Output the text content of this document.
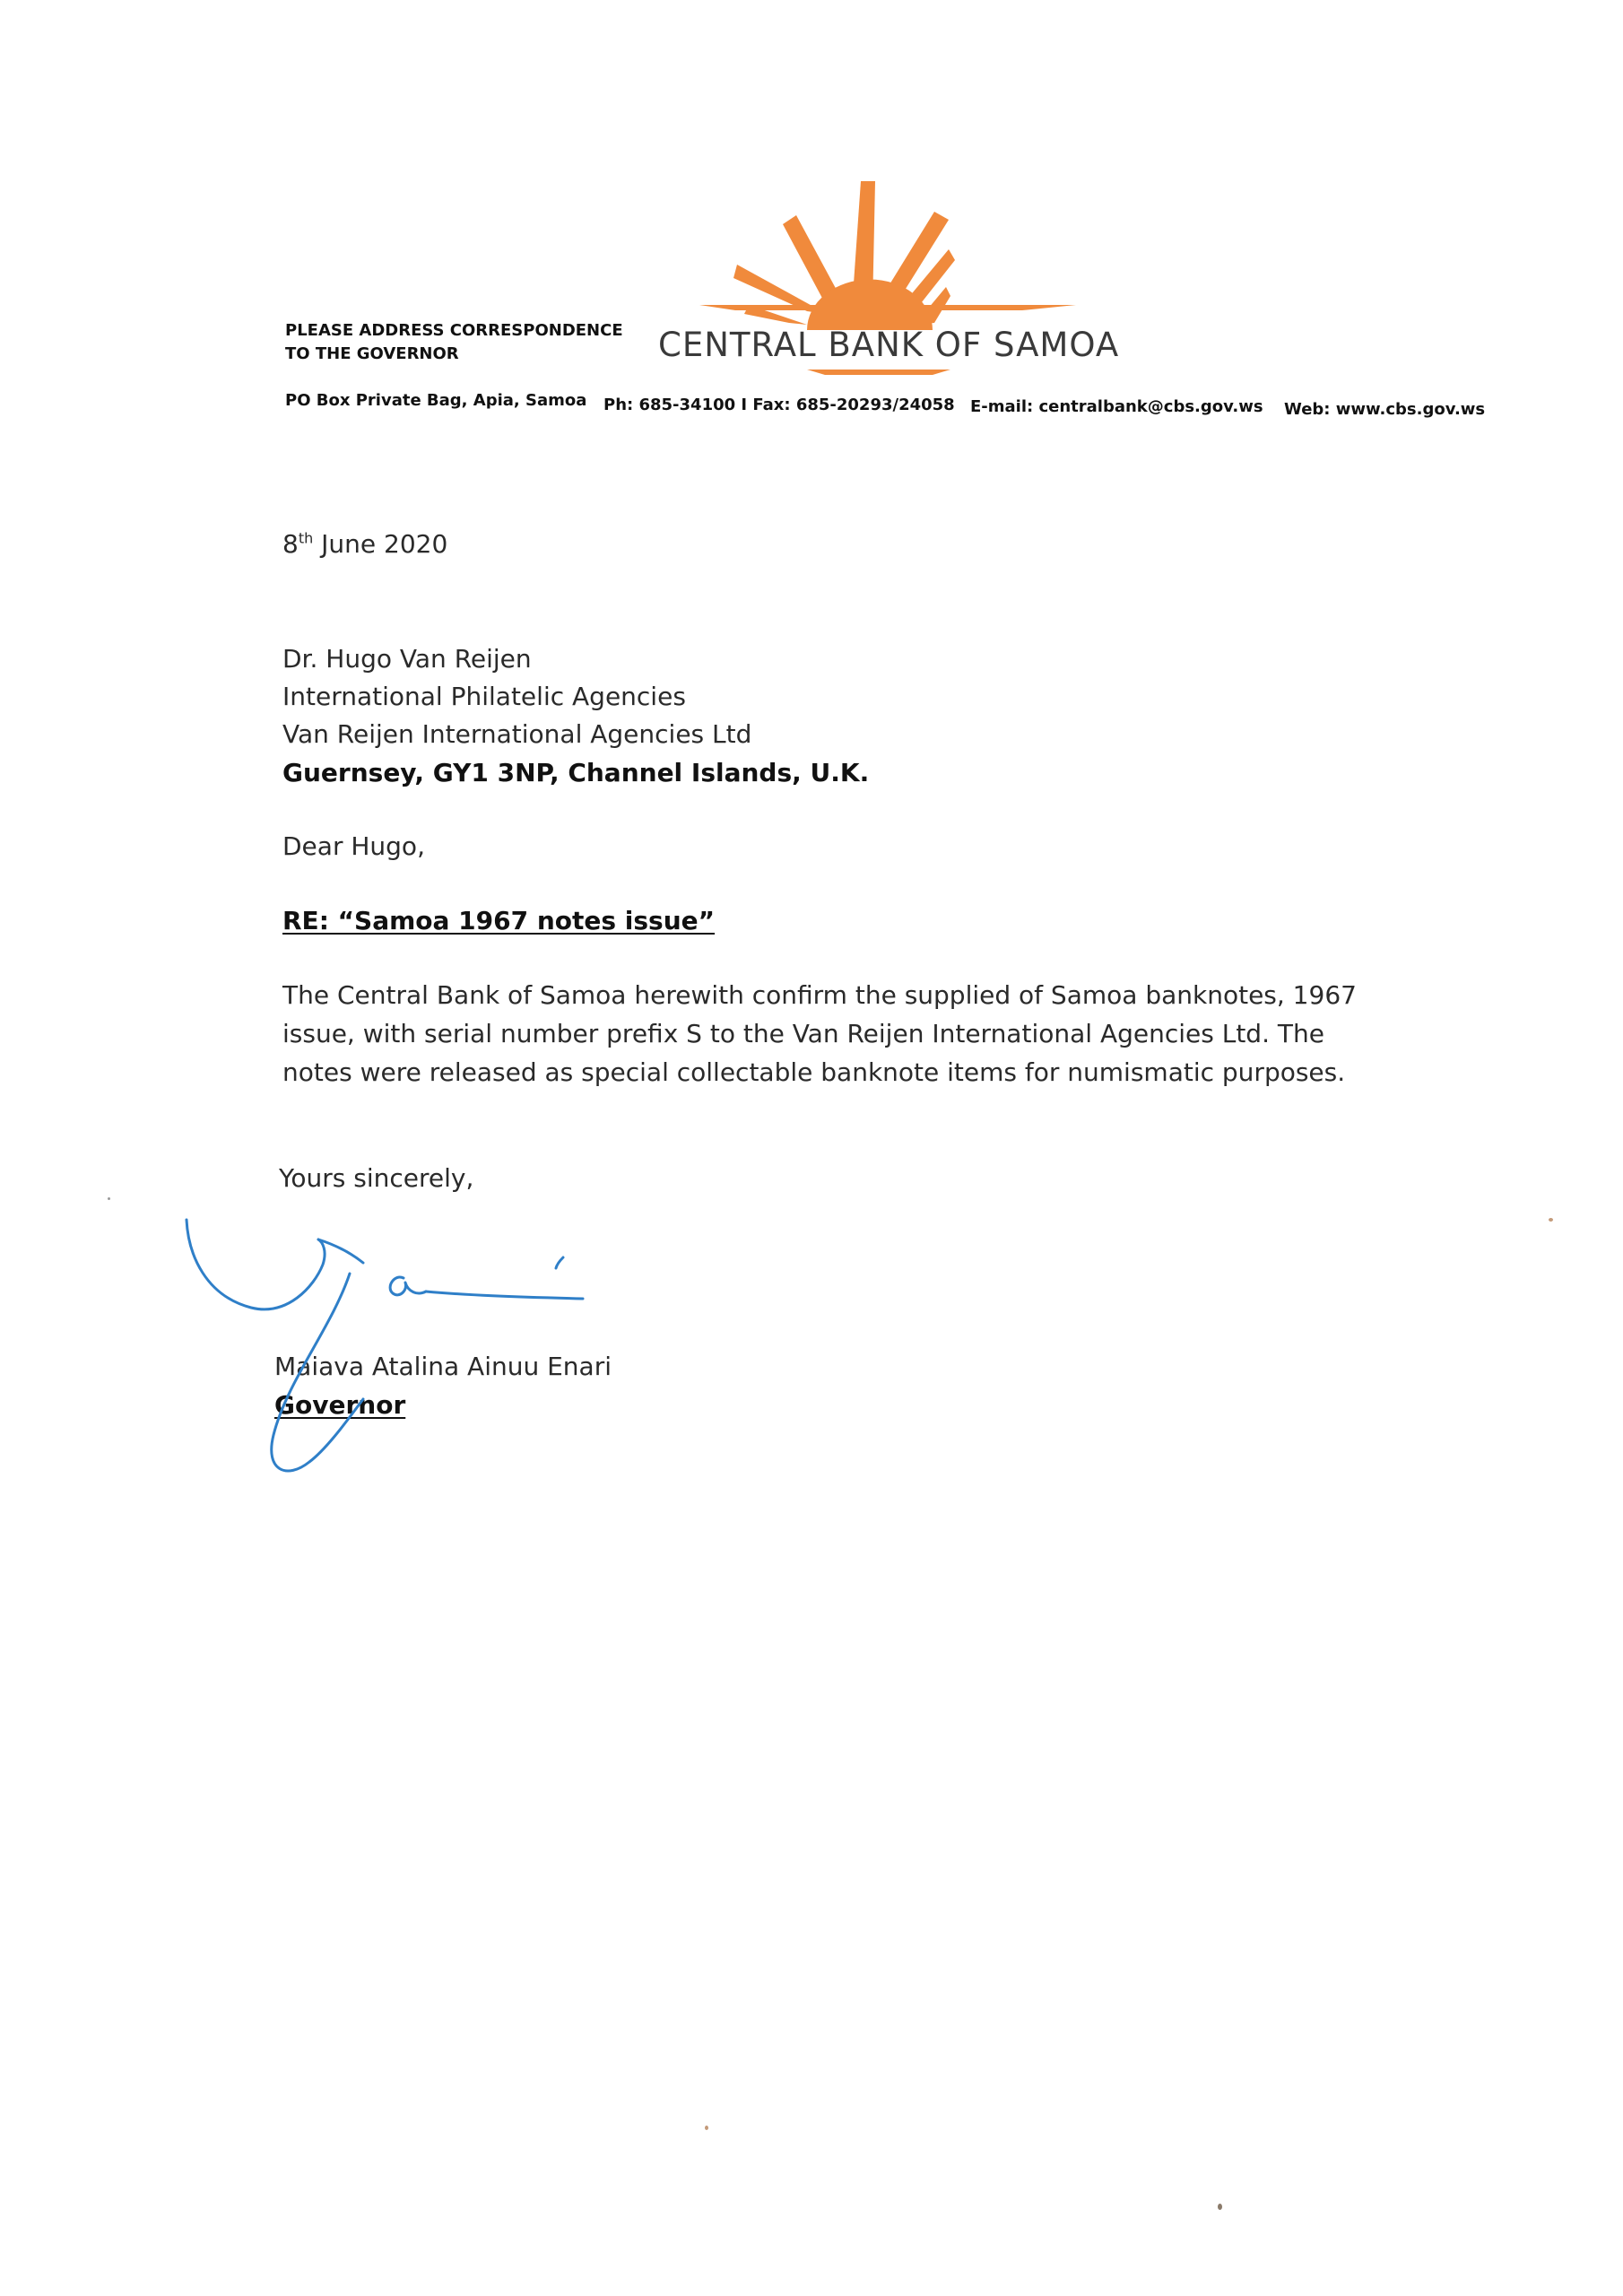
PLEASE ADDRESS CORRESPONDENCE
TO THE GOVERNOR	CENTRAL BANK OF SAMOA
PO Box Private Bag, Apia, Samoa Ph: 685-34100 I Fax: 685-20293/24058 E-mail: centralbank@cbs.gov.ws Web: www.cbs.gov.ws
8th June 2020
Dr. Hugo Van Reijen
International Philatelic Agencies
Van Reijen International Agencies Ltd
Guernsey, GY1 3NP, Channel Islands, U.K.
Dear Hugo,
RE: “Samoa 1967 notes issue”
The Central Bank of Samoa herewith confirm the supplied of Samoa banknotes, 1967
issue, with serial number prefix S to the Van Reijen International Agencies Ltd. The
notes were released as special collectable banknote items for numismatic purposes.
Yours sincerely,
Maiava Atalina Ainuu Enari
Governor
